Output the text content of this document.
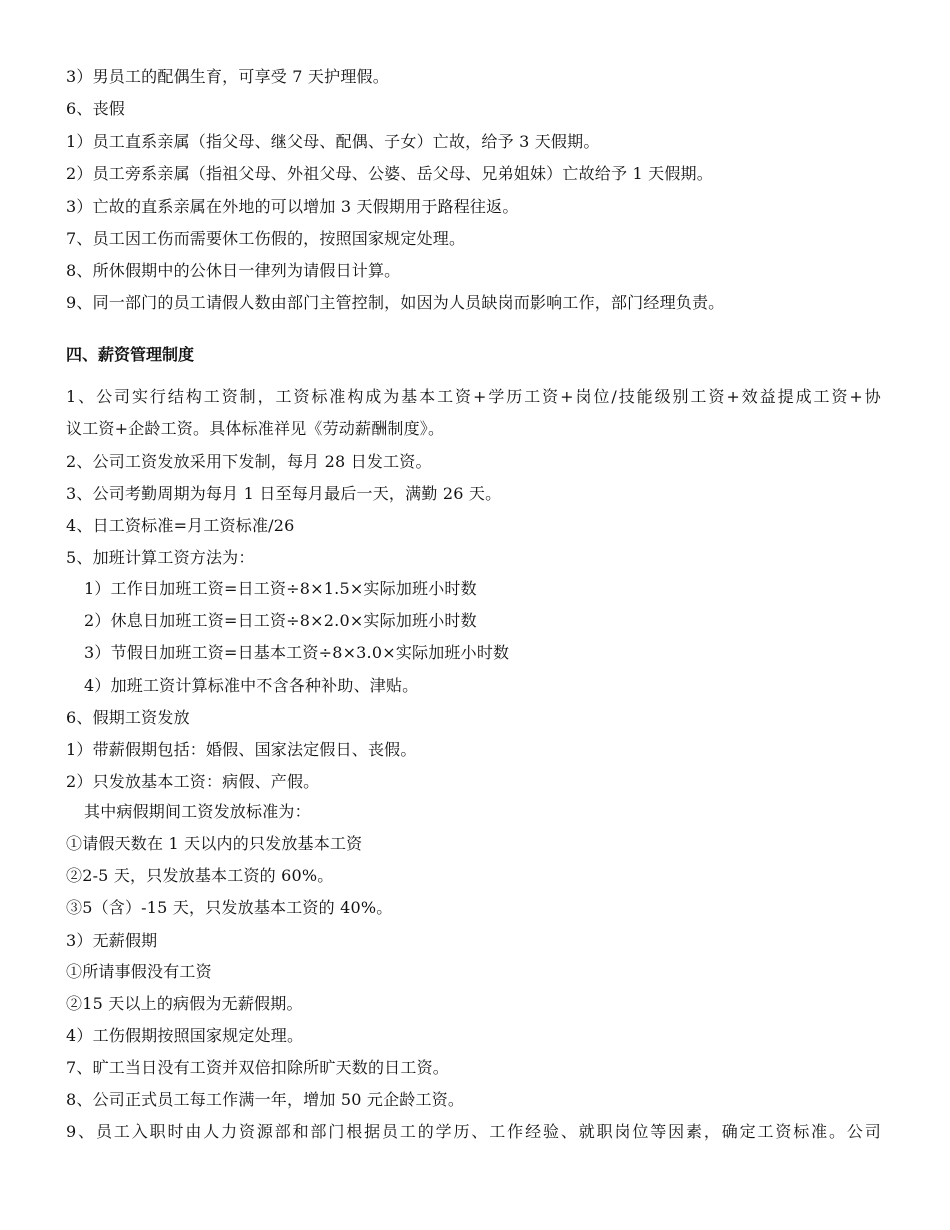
3）男员工的配偶生育，可享受 7 天护理假。
6、丧假
1）员工直系亲属（指父母、继父母、配偶、子女）亡故，给予 3 天假期。
2）员工旁系亲属（指祖父母、外祖父母、公婆、岳父母、兄弟姐妹）亡故给予 1 天假期。
3）亡故的直系亲属在外地的可以增加 3 天假期用于路程往返。
7、员工因工伤而需要休工伤假的，按照国家规定处理。
8、所休假期中的公休日一律列为请假日计算。
9、同一部门的员工请假人数由部门主管控制，如因为人员缺岗而影响工作，部门经理负责。
四、薪资管理制度
1、公司实行结构工资制，工资标准构成为基本工资+学历工资+岗位/技能级别工资+效益提成工资+协
议工资+企龄工资。具体标准祥见《劳动薪酬制度》。
2、公司工资发放采用下发制，每月 28 日发工资。
3、公司考勤周期为每月 1 日至每月最后一天，满勤 26 天。
4、日工资标准=月工资标准/26
5、加班计算工资方法为：
1）工作日加班工资=日工资÷8×1.5×实际加班小时数
2）休息日加班工资=日工资÷8×2.0×实际加班小时数
3）节假日加班工资=日基本工资÷8×3.0×实际加班小时数
4）加班工资计算标准中不含各种补助、津贴。
6、假期工资发放
1）带薪假期包括：婚假、国家法定假日、丧假。
2）只发放基本工资：病假、产假。
其中病假期间工资发放标准为：
①请假天数在 1 天以内的只发放基本工资
②2-5 天，只发放基本工资的 60%。
③5（含）-15 天，只发放基本工资的 40%。
3）无薪假期
①所请事假没有工资
②15 天以上的病假为无薪假期。
4）工伤假期按照国家规定处理。
7、旷工当日没有工资并双倍扣除所旷天数的日工资。
8、公司正式员工每工作满一年，增加 50 元企龄工资。
9、员工入职时由人力资源部和部门根据员工的学历、工作经验、就职岗位等因素，确定工资标准。公司
